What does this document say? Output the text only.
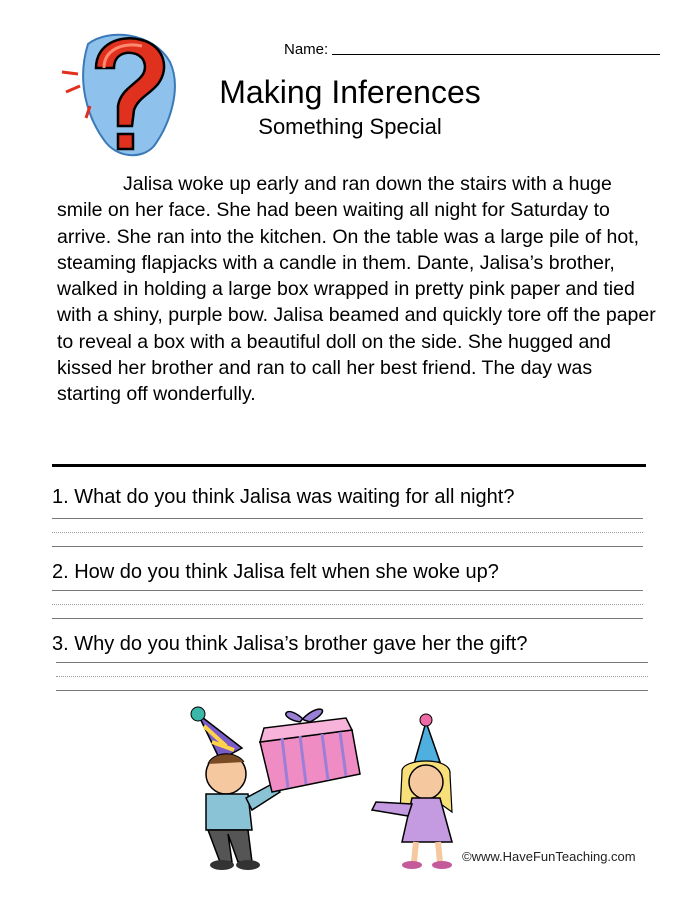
Name:
Making Inferences
Something Special

Jalisa woke up early and ran down the stairs with a huge smile on her face. She had been waiting all night for Saturday to arrive. She ran into the kitchen. On the table was a large pile of hot, steaming flapjacks with a candle in them. Dante, Jalisa’s brother, walked in holding a large box wrapped in pretty pink paper and tied with a shiny, purple bow. Jalisa beamed and quickly tore off the paper to reveal a box with a beautiful doll on the side. She hugged and kissed her brother and ran to call her best friend. The day was starting off wonderfully.

1. What do you think Jalisa was waiting for all night?
2. How do you think Jalisa felt when she woke up?
3. Why do you think Jalisa’s brother gave her the gift?
©www.HaveFunTeaching.com
